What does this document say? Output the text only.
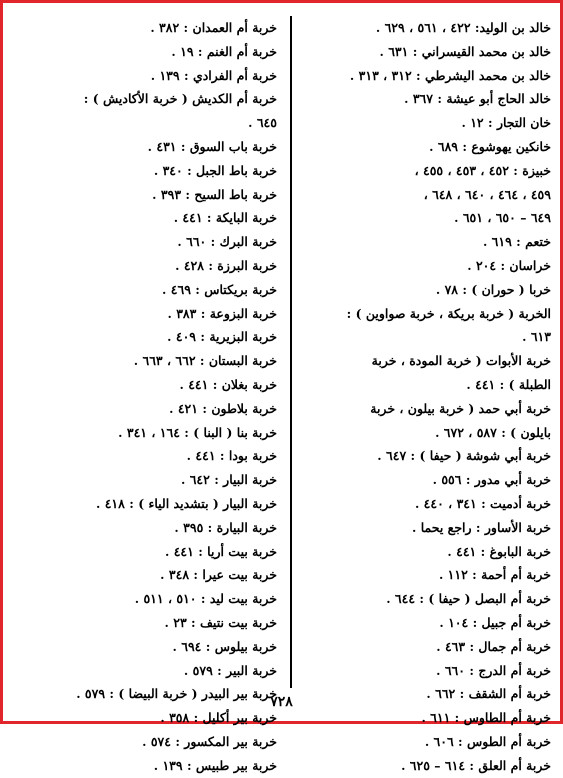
خالد بن الوليد: ٤٢٢ ، ٥٦١ ، ٦٢٩ .
خالد بن محمد القيسراني : ٦٣١ .
خالد بن محمد اليشرطي : ٣١٢ ، ٣١٣ .
خالد الحاج أبو عيشة : ٣٦٧ .
خان التجار : ١٢ .
خانكين يهوشوع : ٦٨٩ .
خبيزة : ٤٥٢ ، ٤٥٣ ، ٤٥٥ ،
٤٥٩ ، ٤٦٤ ، ٦٤٠ ، ٦٤٨ ،
٦٤٩ – ٦٥٠ ، ٦٥١ .
ختعم : ٦١٩ .
خراسان : ٢٠٤ .
خربا ( حوران ) : ٧٨ .
الخربة ( خربة بريكة ، خربة صواوين ) :
٦١٣ .
خربة الأبوات ( خربة المودة ، خربة
الطبلة ) : ٤٤١ .
خربة أبي حمد ( خربة بيلون ، خربة
بايلون ) : ٥٨٧ ، ٦٧٢ .
خربة أبي شوشة ( حيفا ) : ٦٤٧ .
خربة أبي مدور : ٥٥٦ .
خربة أدميت : ٣٤١ ، ٤٤٠ .
خربة الأساور : راجع يحما .
خربة البابوغ : ٤٤١ .
خربة أم أحمة : ١١٢ .
خربة أم البصل ( حيفا ) : ٦٤٤ .
خربة أم جبيل : ١٠٤ .
خربة أم جمال : ٤٦٣ .
خربة أم الدرج : ٦٦٠ .
خربة أم الشقف : ٦٦٢ .
خربة أم الطاوس : ٦١١ .
خربة أم الطوس : ٦٠٦ .
خربة أم العلق : ٦١٤ – ٦٢٥ .
خربة أم العمدان : ٣٨٢ .
خربة أم الغنم : ١٩ .
خربة أم الفرادي : ١٣٩ .
خربة أم الكديش ( خربة الأكاديش ) :
٦٤٥ .
خربة باب السوق : ٤٣١ .
خربة باط الجبل : ٣٤٠ .
خربة باط السيح : ٣٩٣ .
خربة البايكة : ٤٤١ .
خربة البرك : ٦٦٠ .
خربة البرزة : ٤٢٨ .
خربة بريكتاس : ٤٦٩ .
خربة البزوعة : ٣٨٣ .
خربة البزيرية : ٤٠٩ .
خربة البستان : ٦٦٢ ، ٦٦٣ .
خربة بغلان : ٤٤١ .
خربة بلاطون : ٤٢١ .
خربة بنا ( البنا ) : ١٦٤ ، ٣٤١ .
خربة بودا : ٤٤١ .
خربة البيار : ٦٤٢ .
خربة البيار ( بتشديد الياء ) : ٤١٨ .
خربة البيارة : ٣٩٥ .
خربة بيت أريا : ٤٤١ .
خربة بيت عيرا : ٣٤٨ .
خربة بيت ليد : ٥١٠ ، ٥١١ .
خربة بيت نتيف : ٢٣ .
خربة بيلوس : ٦٩٤ .
خربة البير : ٥٧٩ .
خربة بير البيدر ( خربة البيضا ) : ٥٧٩ .
خربة بير أكليل : ٣٥٨ .
خربة بير المكسور : ٥٧٤ .
خربة بير طبيس : ١٣٩ .
٧٢٨
